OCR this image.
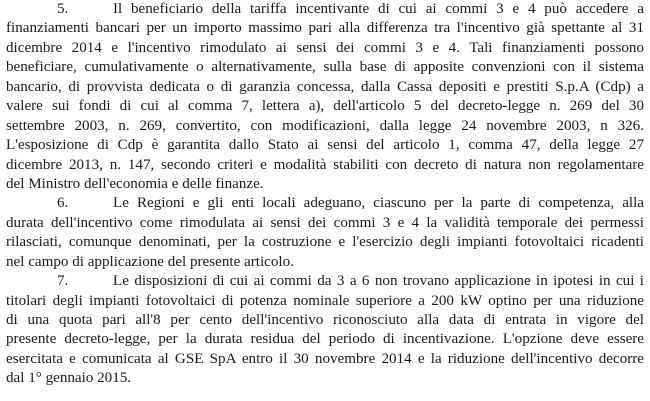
5.	Il beneficiario della tariffa incentivante di cui ai commi 3 e 4 può accedere a
finanziamenti bancari per un importo massimo pari alla differenza tra l'incentivo già spettante al 31
dicembre 2014 e l'incentivo rimodulato ai sensi dei commi 3 e 4. Tali finanziamenti possono
beneficiare, cumulativamente o alternativamente, sulla base di apposite convenzioni con il sistema
bancario, di provvista dedicata o di garanzia concessa, dalla Cassa depositi e prestiti S.p.A (Cdp) a
valere sui fondi di cui al comma 7, lettera a), dell'articolo 5 del decreto-legge n. 269 del 30
settembre 2003, n. 269, convertito, con modificazioni, dalla legge 24 novembre 2003, n 326.
L'esposizione di Cdp è garantita dallo Stato ai sensi del articolo 1, comma 47, della legge 27
dicembre 2013, n. 147, secondo criteri e modalità stabiliti con decreto di natura non regolamentare
del Ministro dell'economia e delle finanze.
6.	Le Regioni e gli enti locali adeguano, ciascuno per la parte di competenza, alla
durata dell'incentivo come rimodulata ai sensi dei commi 3 e 4 la validità temporale dei permessi
rilasciati, comunque denominati, per la costruzione e l'esercizio degli impianti fotovoltaici ricadenti
nel campo di applicazione del presente articolo.
7.	Le disposizioni di cui ai commi da 3 a 6 non trovano applicazione in ipotesi in cui i
titolari degli impianti fotovoltaici di potenza nominale superiore a 200 kW optino per una riduzione
di una quota pari all'8 per cento dell'incentivo riconosciuto alla data di entrata in vigore del
presente decreto-legge, per la durata residua del periodo di incentivazione. L'opzione deve essere
esercitata e comunicata al GSE SpA entro il 30 novembre 2014 e la riduzione dell'incentivo decorre
dal 1° gennaio 2015.
